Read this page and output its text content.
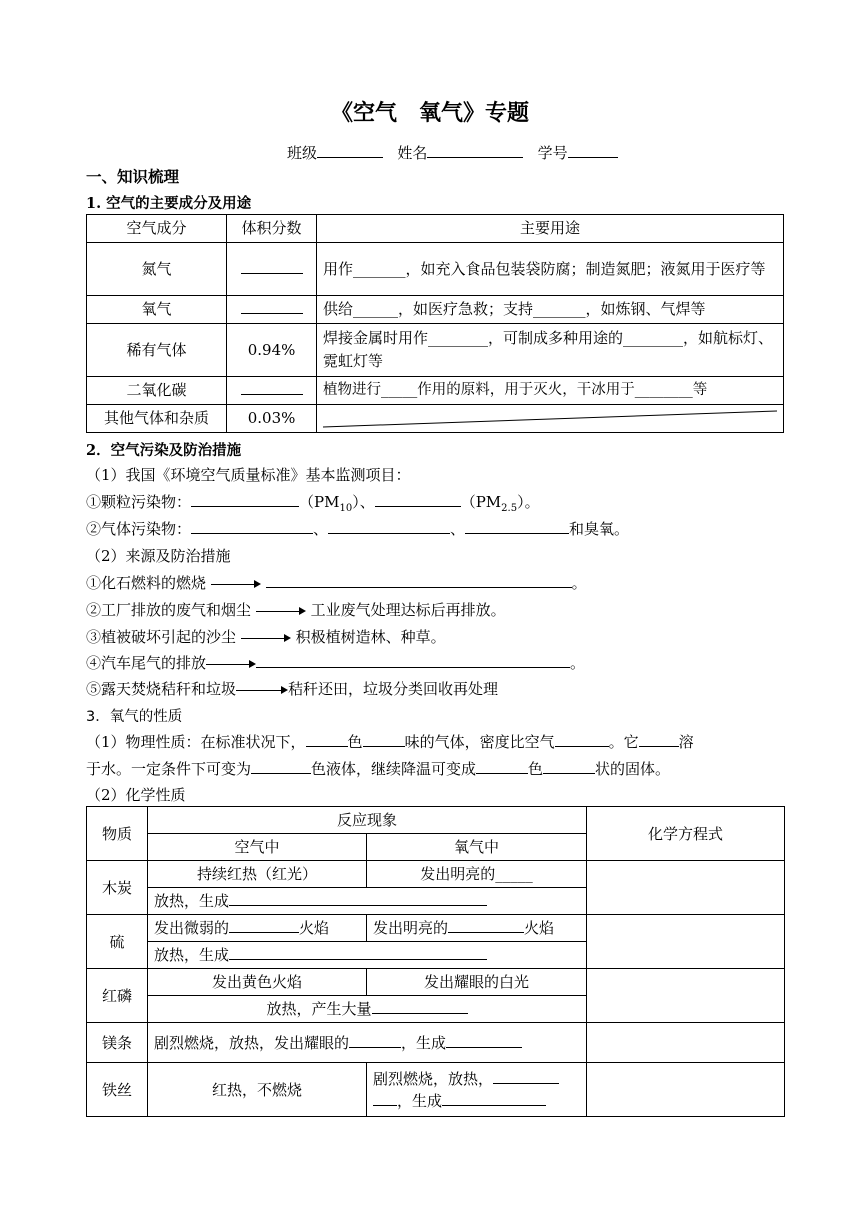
《空气　氧气》专题
班级	姓名	学号
一、知识梳理
1. 空气的主要成分及用途
空气成分	体积分数	主要用途
氮气		用作_______，如充入食品包装袋防腐；制造氮肥；液氮用于医疗等
氧气		供给______，如医疗急救；支持_______，如炼钢、气焊等
稀有气体	0.94%	焊接金属时用作________，可制成多种用途的________，如航标灯、霓虹灯等
二氧化碳		植物进行_____作用的原料，用于灭火，干冰用于________等
其他气体和杂质	0.03%	
2．空气污染及防治措施
（1）我国《环境空气质量标准》基本监测项目：
①颗粒污染物：	$(PM_{10})$、	$(PM_{2.5})$。
②气体污染物：	、	、	和臭氧。
（2）来源及防治措施
①化石燃料的燃烧	。
②工厂排放的废气和烟尘	工业废气处理达标后再排放。
③植被破坏引起的沙尘	积极植树造林、种草。
④汽车尾气的排放	。
⑤露天焚烧秸秆和垃圾	秸秆还田，垃圾分类回收再处理
3．氧气的性质
（1）物理性质：在标准状况下，	色	味的气体，密度比空气	。它	溶
于水。一定条件下可变为	色液体，继续降温可变成	色	状的固体。
（2）化学性质
物质	反应现象		化学方程式
	空气中	氧气中	
木炭	持续红热（红光）	发出明亮的_____	
	放热，生成		
硫	发出微弱的 火焰	发出明亮的 火焰	
	放热，生成		
红磷	发出黄色火焰	发出耀眼的白光	
	放热，产生大量		
镁条	剧烈燃烧，放热，发出耀眼的 ，生成		
铁丝	红热，不燃烧	剧烈燃烧，放热，
，生成	
